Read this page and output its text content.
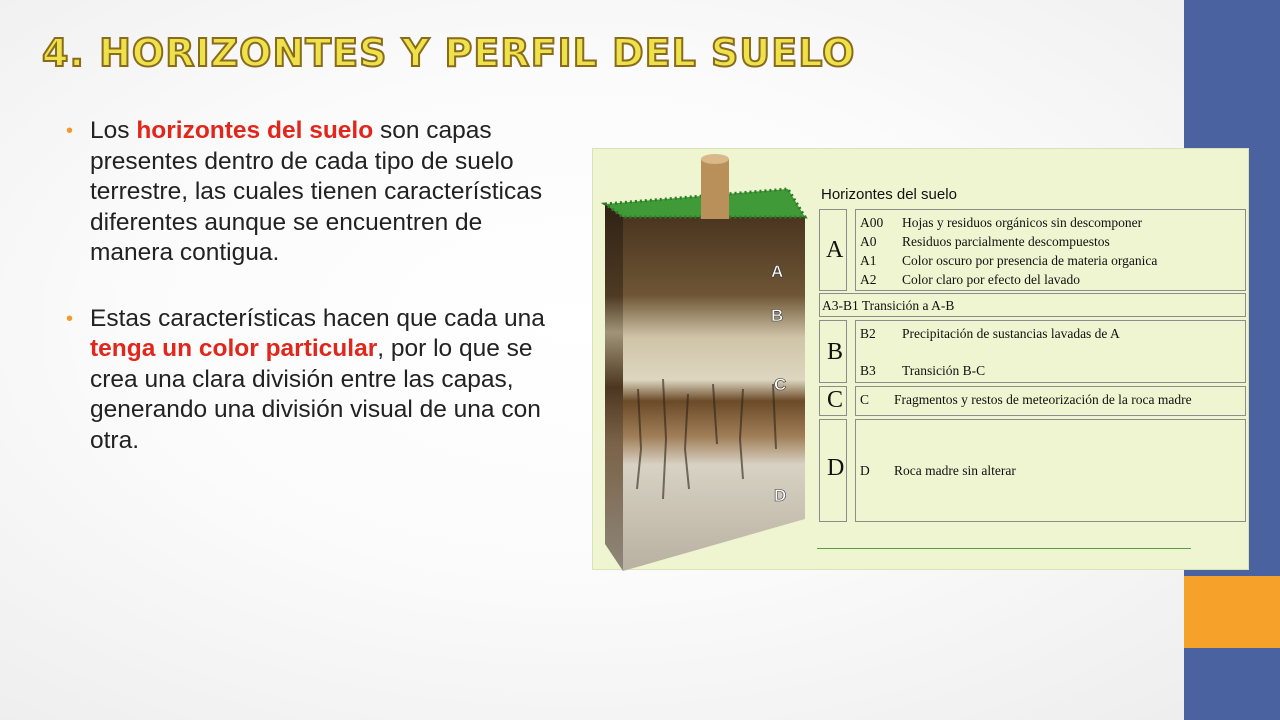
4. HORIZONTES Y PERFIL DEL SUELO

• Los horizontes del suelo son capas presentes dentro de cada tipo de suelo terrestre, las cuales tienen características diferentes aunque se encuentren de manera contigua.

• Estas características hacen que cada una tenga un color particular, por lo que se crea una clara división entre las capas, generando una división visual de una con otra.

A
B
C
D
Horizontes del suelo
A
A00 Hojas y residuos orgánicos sin descomponer
A0 Residuos parcialmente descompuestos
A1 Color oscuro por presencia de materia organica
A2 Color claro por efecto del lavado
A3-B1 Transición a A-B
B
B2 Precipitación de sustancias lavadas de A
B3 Transición B-C
C C Fragmentos y restos de meteorización de la roca madre
D D Roca madre sin alterar
